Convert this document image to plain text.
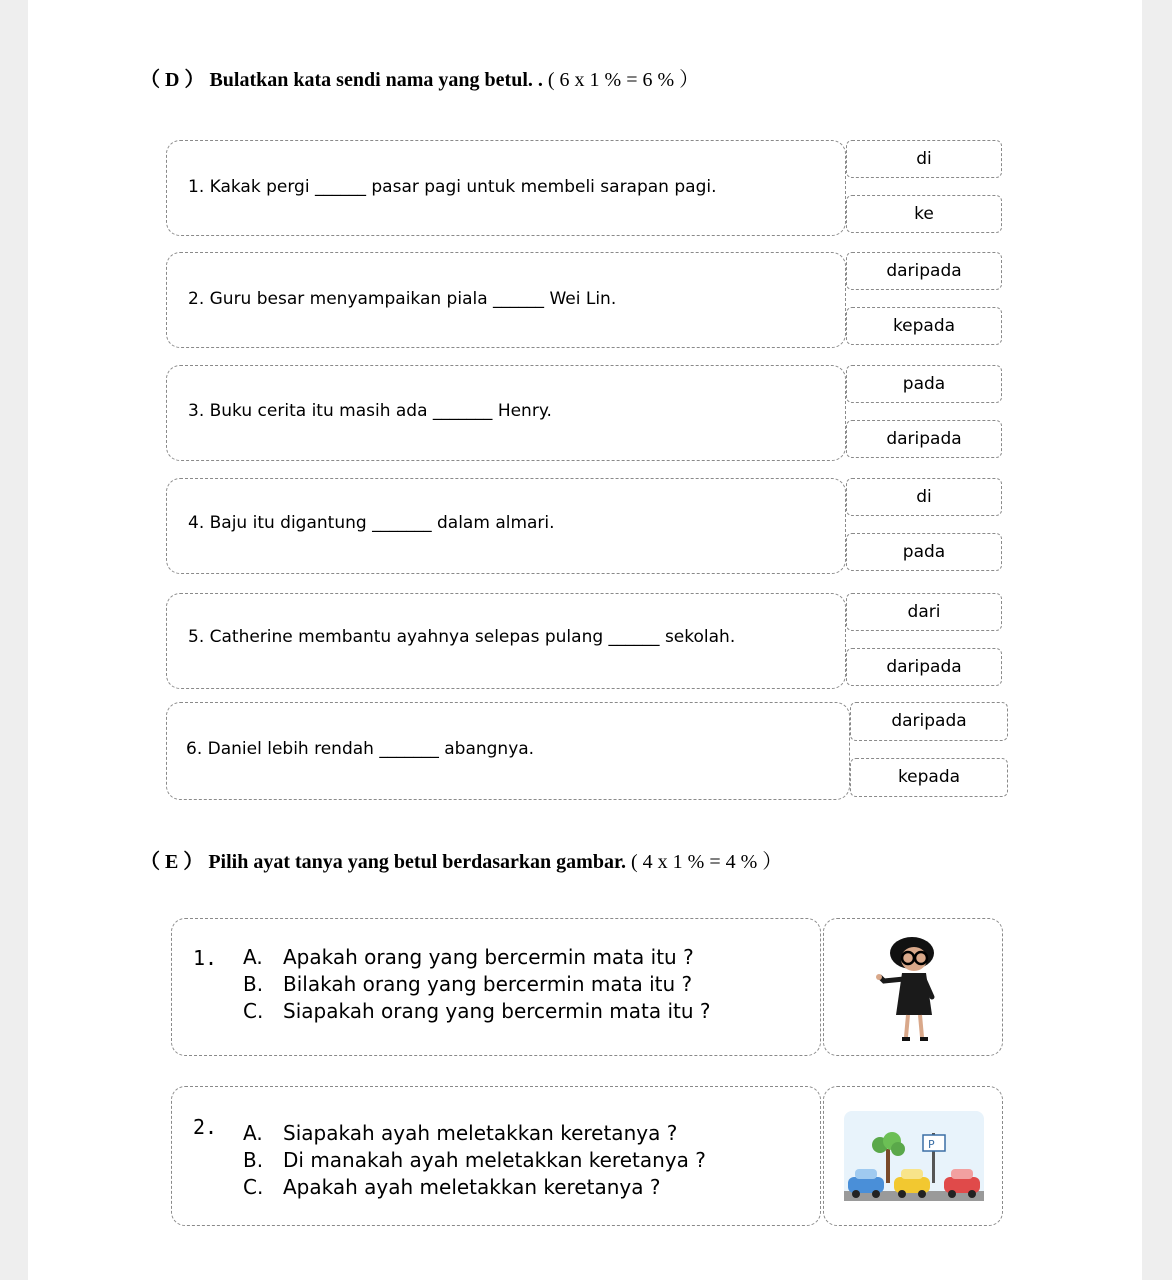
（ D ） Bulatkan kata sendi nama yang betul. . ( 6 x 1 % = 6 % ）
1. Kakak pergi ______ pasar pagi untuk membeli sarapan pagi.
di
ke
2. Guru besar menyampaikan piala ______ Wei Lin.
daripada
kepada
3. Buku cerita itu masih ada _______ Henry.
pada
daripada
4. Baju itu digantung _______ dalam almari.
di
pada
5. Catherine membantu ayahnya selepas pulang ______ sekolah.
dari
daripada
6. Daniel lebih rendah _______ abangnya.
daripada
kepada
（ E ） Pilih ayat tanya yang betul berdasarkan gambar. ( 4 x 1 % = 4 % ）
1. A. Apakah orang yang bercermin mata itu ?
B. Bilakah orang yang bercermin mata itu ?
C. Siapakah orang yang bercermin mata itu ?
2. A. Siapakah ayah meletakkan keretanya ?
B. Di manakah ayah meletakkan keretanya ?
C. Apakah ayah meletakkan keretanya ?
P
